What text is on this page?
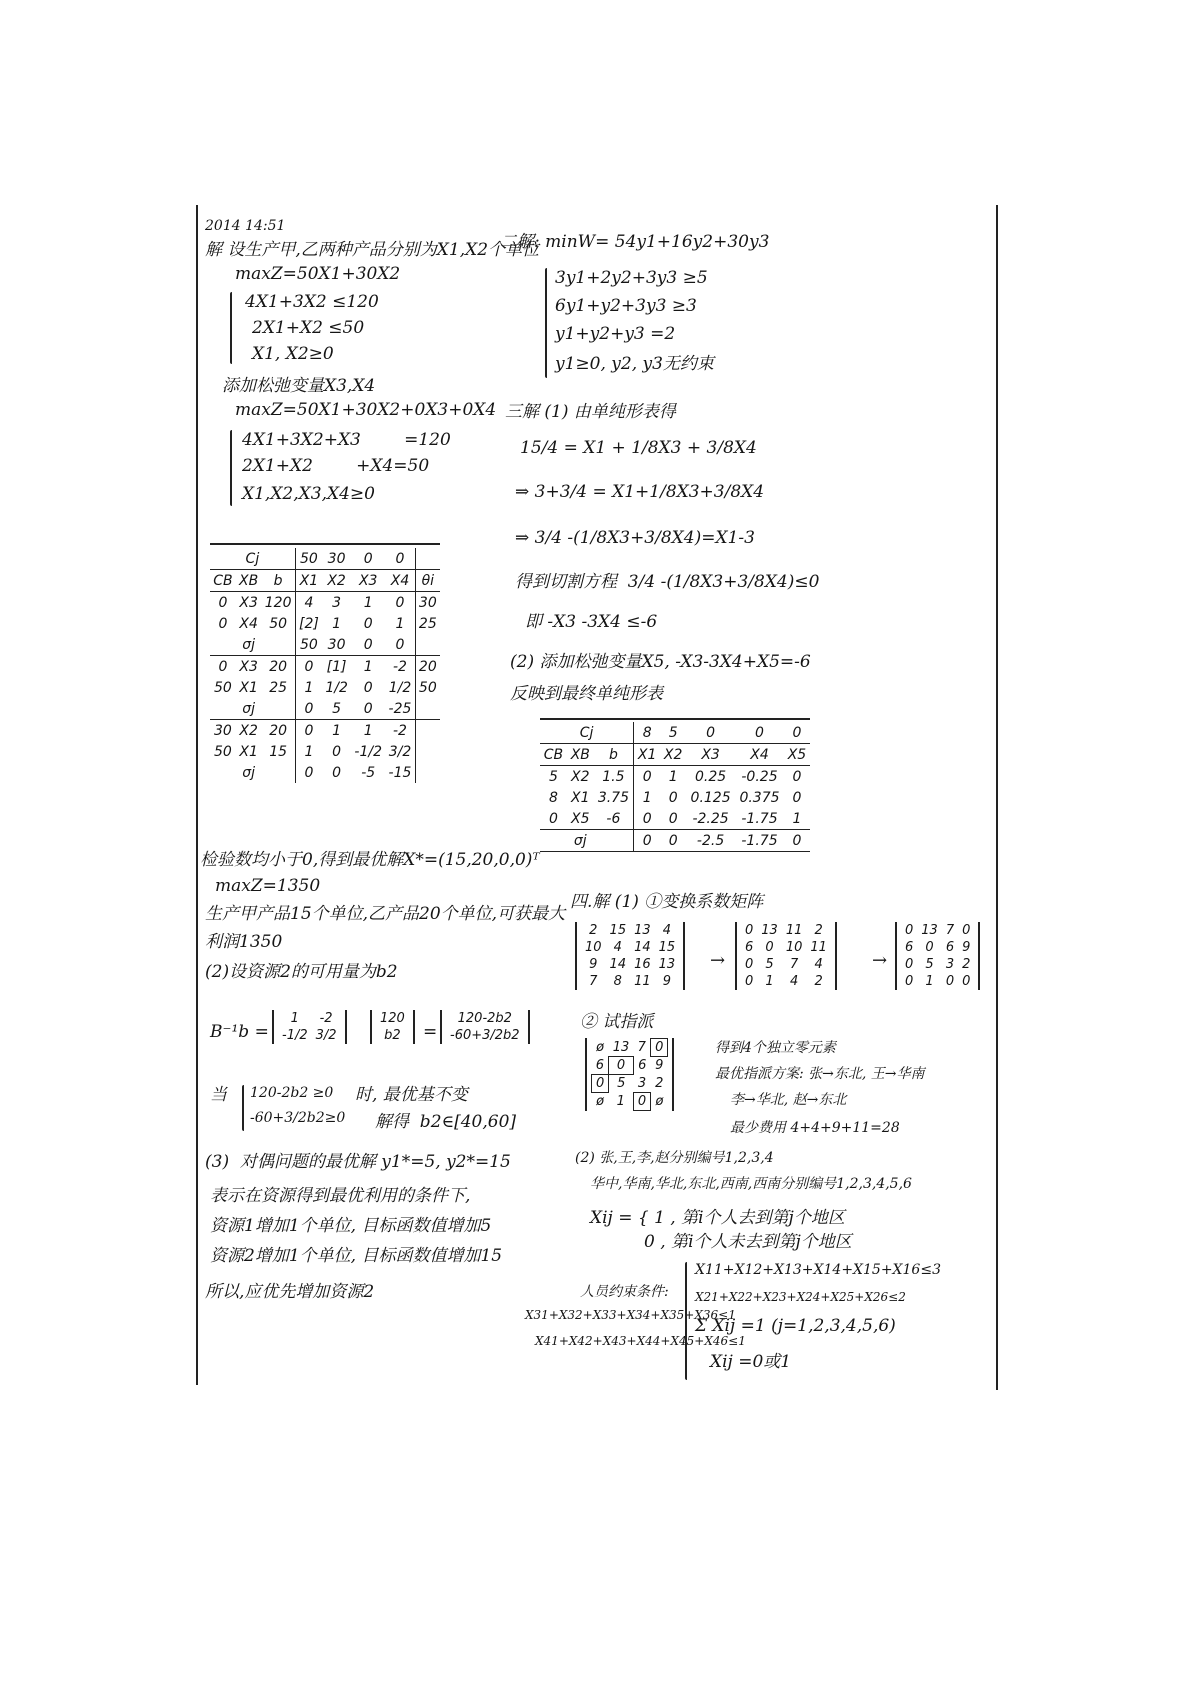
2014 14:51
解 设生产甲,乙两种产品分别为X1,X2个单位
maxZ=50X1+30X2
4X1+3X2 ≤120
2X1+X2 ≤50
X1, X2≥0
添加松弛变量X3,X4
maxZ=50X1+30X2+0X3+0X4
4X1+3X2+X3        =120
2X1+X2        +X4=50
X1,X2,X3,X4≥0
Cj			50	30	0	0	
CB	XB	b	X1	X2	X3	X4	θi
0	X3	120	4	3	1	0	30
0	X4	50	[2]	1	0	1	25
	σj		50	30	0	0	
0	X3	20	0	[1]	1	-2	20
50	X1	25	1	1/2	0	1/2	50
	σj		0	5	0	-25	
30	X2	20	0	1	1	-2	
50	X1	15	1	0	-1/2	3/2	
	σj		0	0	-5	-15	
检验数均小于0,得到最优解X*=(15,20,0,0)ᵀ
maxZ=1350
生产甲产品15个单位,乙产品20个单位,可获最大
利润1350
(2)设资源2的可用量为b2
B⁻¹b =
1	-2
-1/2	3/2
120
b2 =
120-2b2
-60+3/2b2
当 120-2b2 ≥0
-60+3/2b2≥0
时, 最优基不变
解得  b2∈[40,60]
(3)  对偶问题的最优解 y1*=5, y2*=15
表示在资源得到最优利用的条件下,
资源1增加1个单位, 目标函数值增加5
资源2增加1个单位, 目标函数值增加15
所以,应优先增加资源2
二解: minW= 54y1+16y2+30y3
3y1+2y2+3y3 ≥5
6y1+y2+3y3 ≥3
y1+y2+y3 =2
y1≥0, y2, y3无约束
三解 (1) 由单纯形表得
15/4 = X1 + 1/8X3 + 3/8X4
⇒ 3+3/4 = X1+1/8X3+3/8X4
⇒ 3/4 -(1/8X3+3/8X4)=X1-3
得到切割方程  3/4 -(1/8X3+3/8X4)≤0
即 -X3 -3X4 ≤-6
(2) 添加松弛变量X5, -X3-3X4+X5=-6
反映到最终单纯形表
Cj			8	5	0	0	0
CB	XB	b	X1	X2	X3	X4	X5
5	X2	1.5	0	1	0.25	-0.25	0
8	X1	3.75	1	0	0.125	0.375	0
0	X5	-6	0	0	-2.25	-1.75	1
	σj		0	0	-2.5	-1.75	0
四.解 (1) ①变换系数矩阵
2	15	13	4
10	4	14	15
9	14	16	13
7	8	11	9
→
0	13	11	2
6	0	10	11
0	5	7	4
0	1	4	2
→
0	13	7	0
6	0	6	9
0	5	3	2
0	1	0	0
② 试指派
ø	13	7	0
6	0	6	9
0	5	3	2
ø	1	0	ø
得到4个独立零元素
最优指派方案: 张→东北, 王→华南
李→华北, 赵→东北
最少费用 4+4+9+11=28
(2) 张,王,李,赵分别编号1,2,3,4
华中,华南,华北,东北,西南,西南分别编号1,2,3,4,5,6
Xij = { 1 , 第i个人去到第j个地区
0 , 第i个人未去到第j个地区
人员约束条件:
X31+X32+X33+X34+X35+X36≤1
X41+X42+X43+X44+X45+X46≤1
X11+X12+X13+X14+X15+X16≤3
X21+X22+X23+X24+X25+X26≤2
Σ Xij =1 (j=1,2,3,4,5,6)
Xij =0或1
